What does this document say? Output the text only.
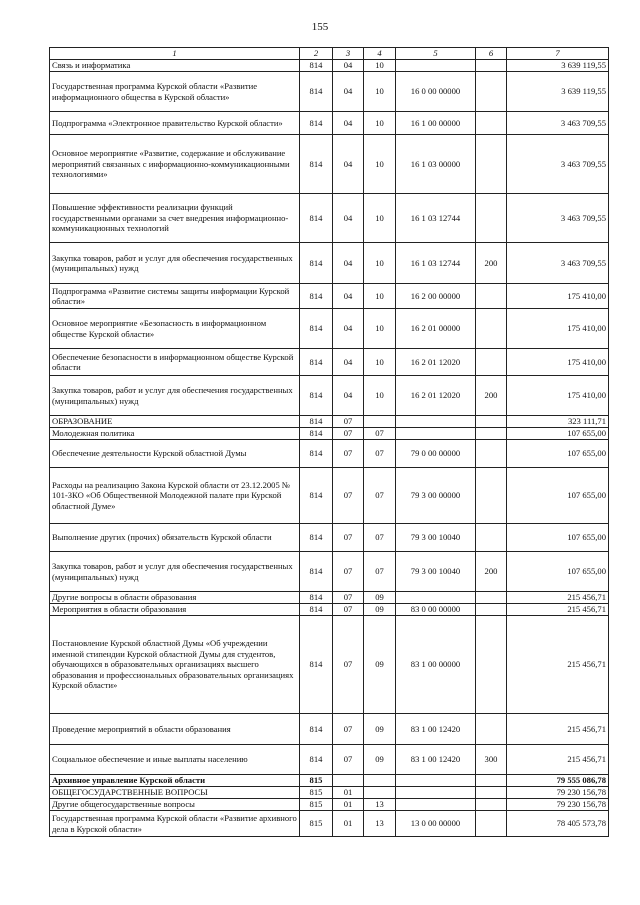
155
1	2	3	4	5	6	7
Связь и информатика	814	04	10			3 639 119,55
Государственная программа Курской области «Развитие информационного общества в Курской области»	814	04	10	16 0 00 00000		3 639 119,55
Подпрограмма «Электронное правительство Курской области»	814	04	10	16 1 00 00000		3 463 709,55
Основное мероприятие «Развитие, содержание и обслуживание мероприятий связанных с информационно-коммуникационными технологиями»	814	04	10	16 1 03 00000		3 463 709,55
Повышение эффективности реализации функций государственными органами за счет внедрения информационно-коммуникационных технологий	814	04	10	16 1 03 12744		3 463 709,55
Закупка товаров, работ и услуг для обеспечения государственных (муниципальных) нужд	814	04	10	16 1 03 12744	200	3 463 709,55
Подпрограмма «Развитие системы защиты информации Курской области»	814	04	10	16 2 00 00000		175 410,00
Основное мероприятие «Безопасность в информационном обществе Курской области»	814	04	10	16 2 01 00000		175 410,00
Обеспечение безопасности в информационном обществе Курской области	814	04	10	16 2 01 12020		175 410,00
Закупка товаров, работ и услуг для обеспечения государственных (муниципальных) нужд	814	04	10	16 2 01 12020	200	175 410,00
ОБРАЗОВАНИЕ	814	07				323 111,71
Молодежная политика	814	07	07			107 655,00
Обеспечение деятельности Курской областной Думы	814	07	07	79 0 00 00000		107 655,00
Расходы на реализацию Закона Курской области от 23.12.2005 № 101-ЗКО «Об Общественной Молодежной палате при Курской областной Думе»	814	07	07	79 3 00 00000		107 655,00
Выполнение других (прочих) обязательств Курской области	814	07	07	79 3 00 10040		107 655,00
Закупка товаров, работ и услуг для обеспечения государственных (муниципальных) нужд	814	07	07	79 3 00 10040	200	107 655,00
Другие вопросы в области образования	814	07	09			215 456,71
Мероприятия в области образования	814	07	09	83 0 00 00000		215 456,71
Постановление Курской областной Думы «Об учреждении именной стипендии Курской областной Думы для студентов, обучающихся в образовательных организациях высшего образования и профессиональных образовательных организациях Курской области»	814	07	09	83 1 00 00000		215 456,71
Проведение мероприятий в области образования	814	07	09	83 1 00 12420		215 456,71
Социальное обеспечение и иные выплаты населению	814	07	09	83 1 00 12420	300	215 456,71
Архивное управление Курской области	815					79 555 086,78
ОБЩЕГОСУДАРСТВЕННЫЕ ВОПРОСЫ	815	01				79 230 156,78
Другие общегосударственные вопросы	815	01	13			79 230 156,78
Государственная программа Курской области «Развитие архивного дела в Курской области»	815	01	13	13 0 00 00000		78 405 573,78
